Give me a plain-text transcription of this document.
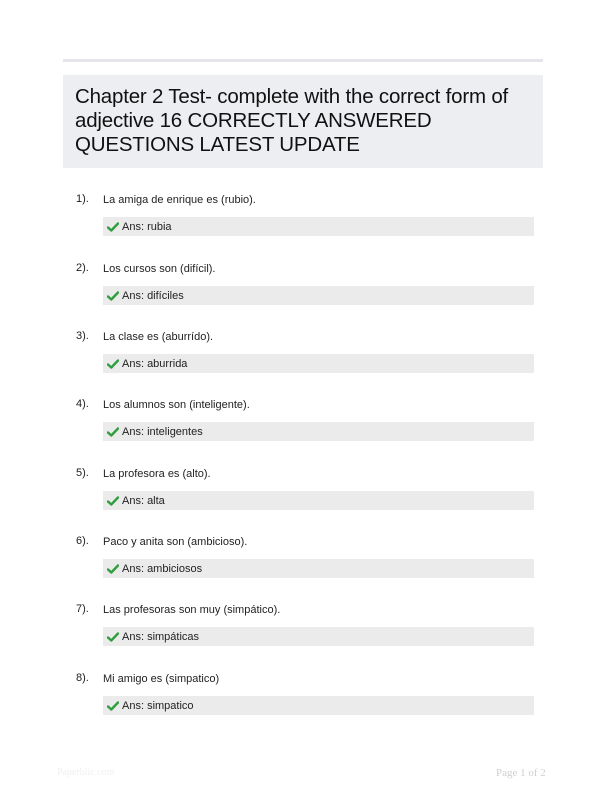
Chapter 2 Test- complete with the correct form of adjective 16 CORRECTLY ANSWERED QUESTIONS LATEST UPDATE
1). La amiga de enrique es (rubio).
Ans: rubia
2). Los cursos son (difícil).
Ans: difíciles
3). La clase es (aburrído).
Ans: aburrida
4). Los alumnos son (inteligente).
Ans: inteligentes
5). La profesora es (alto).
Ans: alta
6). Paco y anita son (ambicioso).
Ans: ambiciosos
7). Las profesoras son muy (simpático).
Ans: simpáticas
8). Mi amigo es (simpatico)
Ans: simpatico
Paperblic.com	Page 1 of 2
